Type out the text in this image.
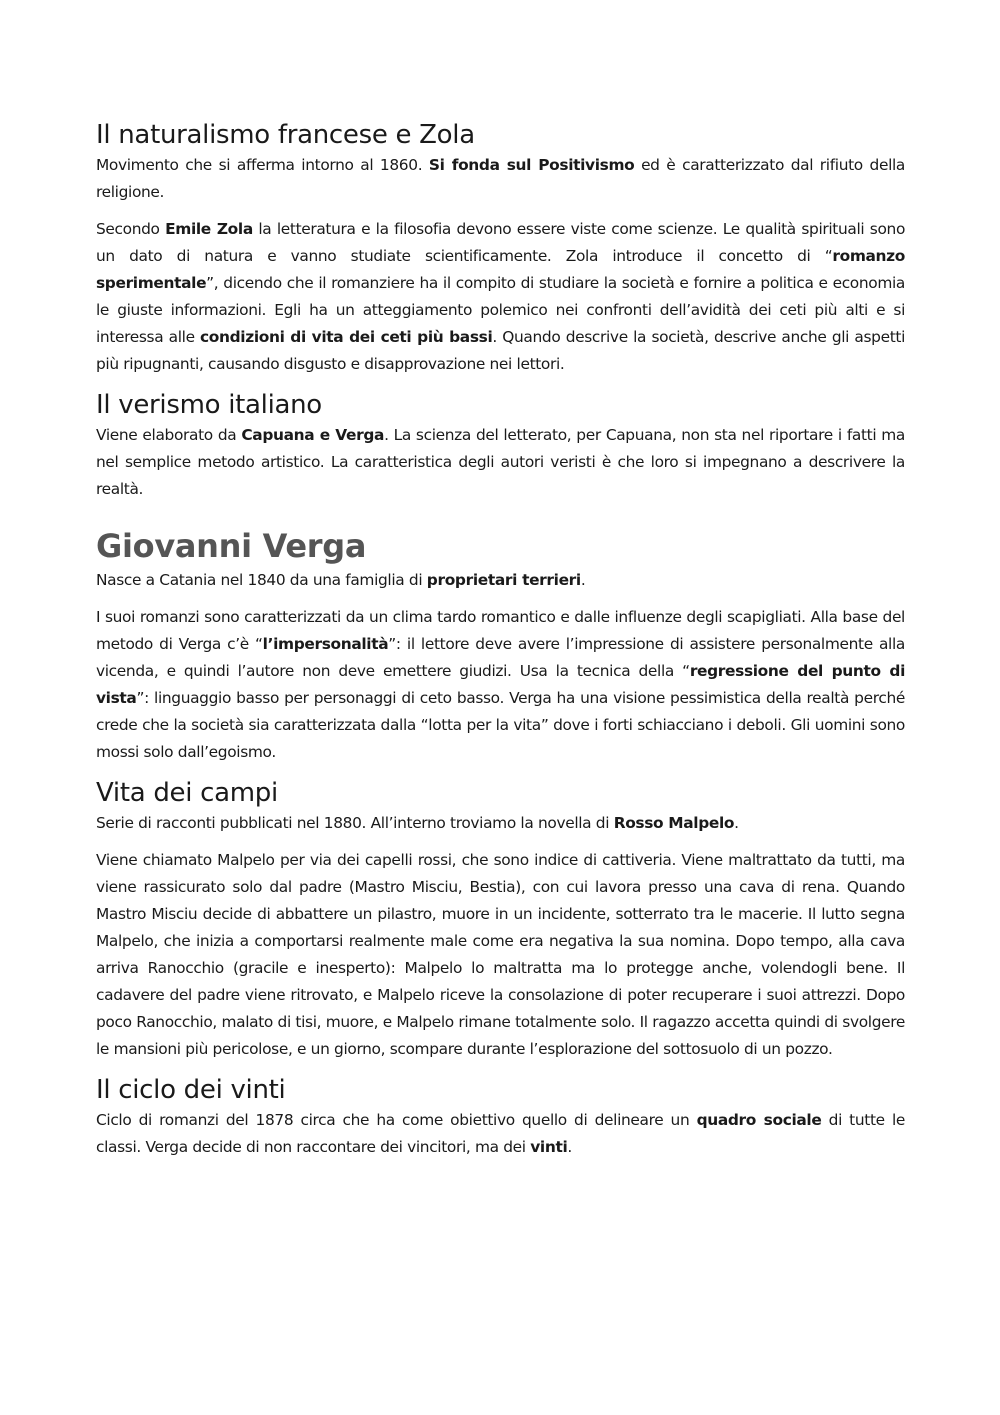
Il naturalismo francese e Zola

Movimento che si afferma intorno al 1860. Si fonda sul Positivismo ed è caratterizzato dal rifiuto della religione.

Secondo Emile Zola la letteratura e la filosofia devono essere viste come scienze. Le qualità spirituali sono un dato di natura e vanno studiate scientificamente. Zola introduce il concetto di “romanzo sperimentale”, dicendo che il romanziere ha il compito di studiare la società e fornire a politica e economia le giuste informazioni. Egli ha un atteggiamento polemico nei confronti dell’avidità dei ceti più alti e si interessa alle condizioni di vita dei ceti più bassi. Quando descrive la società, descrive anche gli aspetti più ripugnanti, causando disgusto e disapprovazione nei lettori.

Il verismo italiano

Viene elaborato da Capuana e Verga. La scienza del letterato, per Capuana, non sta nel riportare i fatti ma nel semplice metodo artistico. La caratteristica degli autori veristi è che loro si impegnano a descrivere la realtà.

Giovanni Verga

Nasce a Catania nel 1840 da una famiglia di proprietari terrieri.

I suoi romanzi sono caratterizzati da un clima tardo romantico e dalle influenze degli scapigliati. Alla base del metodo di Verga c’è “l’impersonalità”: il lettore deve avere l’impressione di assistere personalmente alla vicenda, e quindi l’autore non deve emettere giudizi. Usa la tecnica della “regressione del punto di vista”: linguaggio basso per personaggi di ceto basso. Verga ha una visione pessimistica della realtà perché crede che la società sia caratterizzata dalla “lotta per la vita” dove i forti schiacciano i deboli. Gli uomini sono mossi solo dall’egoismo.

Vita dei campi

Serie di racconti pubblicati nel 1880. All’interno troviamo la novella di Rosso Malpelo.

Viene chiamato Malpelo per via dei capelli rossi, che sono indice di cattiveria. Viene maltrattato da tutti, ma viene rassicurato solo dal padre (Mastro Misciu, Bestia), con cui lavora presso una cava di rena. Quando Mastro Misciu decide di abbattere un pilastro, muore in un incidente, sotterrato tra le macerie. Il lutto segna Malpelo, che inizia a comportarsi realmente male come era negativa la sua nomina. Dopo tempo, alla cava arriva Ranocchio (gracile e inesperto): Malpelo lo maltratta ma lo protegge anche, volendogli bene. Il cadavere del padre viene ritrovato, e Malpelo riceve la consolazione di poter recuperare i suoi attrezzi. Dopo poco Ranocchio, malato di tisi, muore, e Malpelo rimane totalmente solo. Il ragazzo accetta quindi di svolgere le mansioni più pericolose, e un giorno, scompare durante l’esplorazione del sottosuolo di un pozzo.

Il ciclo dei vinti

Ciclo di romanzi del 1878 circa che ha come obiettivo quello di delineare un quadro sociale di tutte le classi. Verga decide di non raccontare dei vincitori, ma dei vinti.
